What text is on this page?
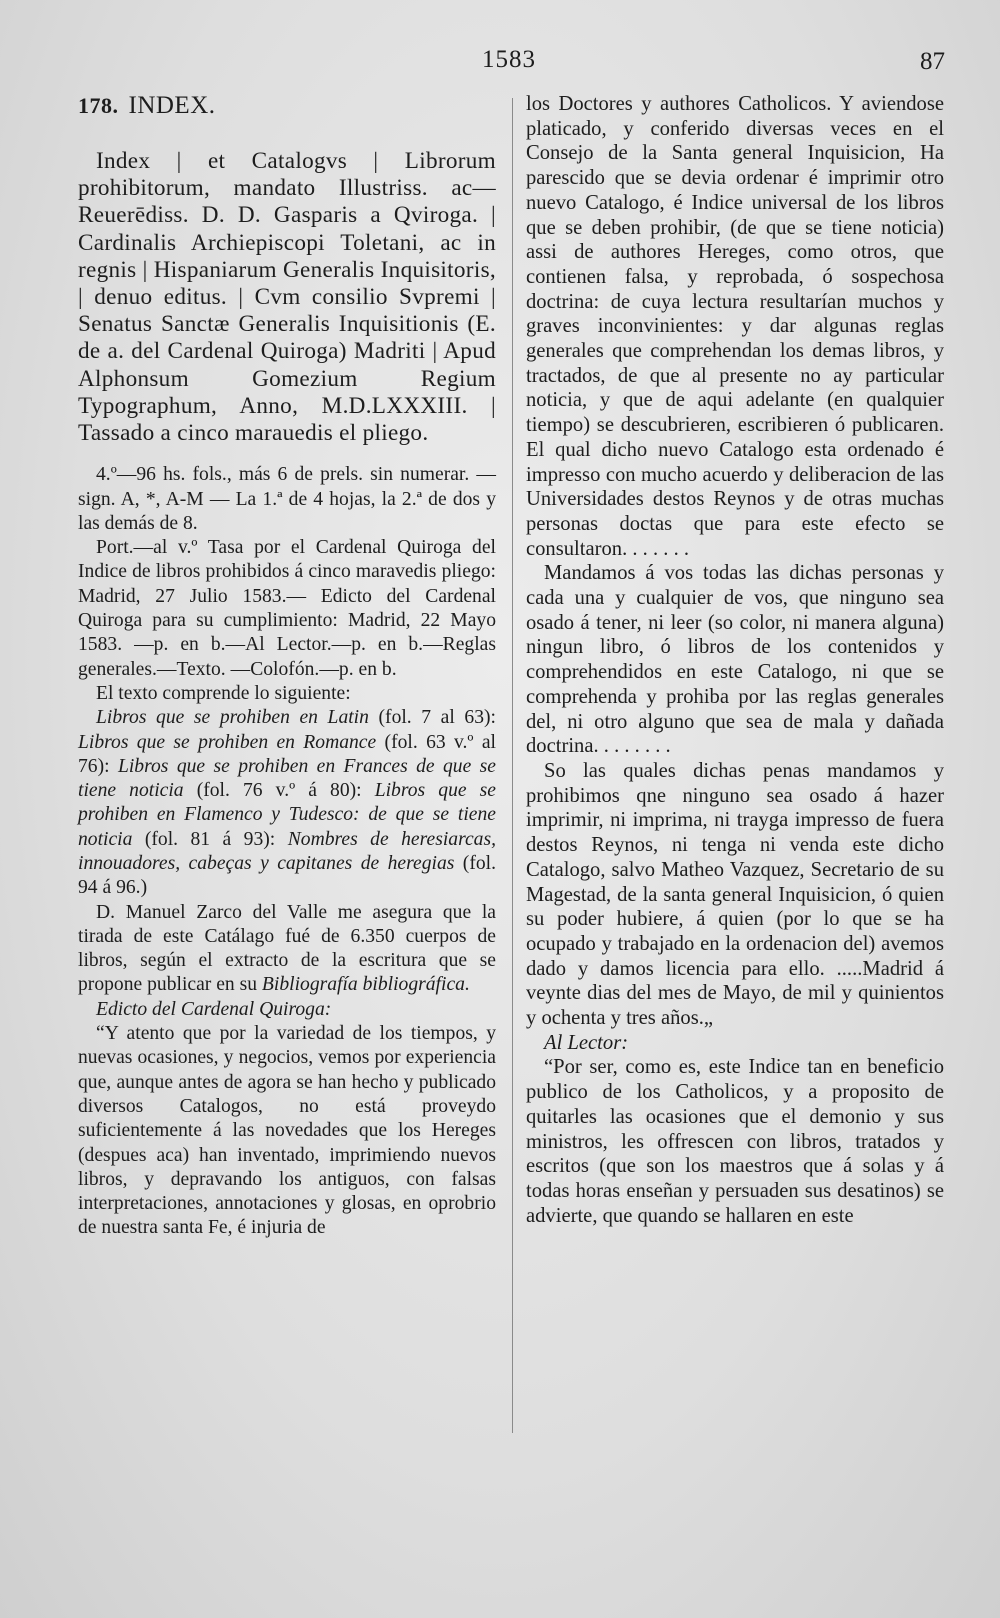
1583	87
178. INDEX.

Index | et Catalogvs | Librorum prohibitorum, mandato Illustriss. ac— Reuerēdiss. D. D. Gasparis a Qviroga. | Cardinalis Archiepiscopi Toletani, ac in regnis | Hispaniarum Generalis Inquisitoris, | denuo editus. | Cvm consilio Svpremi | Senatus Sanctæ Generalis Inquisitionis (E. de a. del Cardenal Quiroga) Madriti | Apud Alphonsum Gomezium Regium Typographum, Anno, M.D.LXXXIII. | Tassado a cinco marauedis el pliego.

4.º—96 hs. fols., más 6 de prels. sin numerar. —sign. A, *, A-M — La 1.ª de 4 hojas, la 2.ª de dos y las demás de 8.

Port.—al v.º Tasa por el Cardenal Quiroga del Indice de libros prohibidos á cinco maravedis pliego: Madrid, 27 Julio 1583.— Edicto del Cardenal Quiroga para su cumplimiento: Madrid, 22 Mayo 1583. —p. en b.—Al Lector.—p. en b.—Reglas generales.—Texto. —Colofón.—p. en b.

El texto comprende lo siguiente:

Libros que se prohiben en Latin (fol. 7 al 63): Libros que se prohiben en Romance (fol. 63 v.º al 76): Libros que se prohiben en Frances de que se tiene noticia (fol. 76 v.º á 80): Libros que se prohiben en Flamenco y Tudesco: de que se tiene noticia (fol. 81 á 93): Nombres de heresiarcas, innouadores, cabeças y capitanes de heregias (fol. 94 á 96.)

D. Manuel Zarco del Valle me asegura que la tirada de este Catálago fué de 6.350 cuerpos de libros, según el extracto de la escritura que se propone publicar en su Bibliografía bibliográfica.

Edicto del Cardenal Quiroga:

“Y atento que por la variedad de los tiempos, y nuevas ocasiones, y negocios, vemos por experiencia que, aunque antes de agora se han hecho y publicado diversos Catalogos, no está proveydo suficientemente á las novedades que los Hereges (despues aca) han inventado, imprimiendo nuevos libros, y depravando los antiguos, con falsas interpretaciones, annotaciones y glosas, en oprobrio de nuestra santa Fe, é injuria de

los Doctores y authores Catholicos. Y aviendose platicado, y conferido diversas veces en el Consejo de la Santa general Inquisicion, Ha parescido que se devia ordenar é imprimir otro nuevo Catalogo, é Indice universal de los libros que se deben prohibir, (de que se tiene noticia) assi de authores Hereges, como otros, que contienen falsa, y reprobada, ó sospechosa doctrina: de cuya lectura resultarían muchos y graves inconvinientes: y dar algunas reglas generales que comprehendan los demas libros, y tractados, de que al presente no ay particular noticia, y que de aqui adelante (en qualquier tiempo) se descubrieren, escribieren ó publicaren. El qual dicho nuevo Catalogo esta ordenado é impresso con mucho acuerdo y deliberacion de las Universidades destos Reynos y de otras muchas personas doctas que para este efecto se consultaron. . . . . . .

Mandamos á vos todas las dichas personas y cada una y cualquier de vos, que ninguno sea osado á tener, ni leer (so color, ni manera alguna) ningun libro, ó libros de los contenidos y comprehendidos en este Catalogo, ni que se comprehenda y prohiba por las reglas generales del, ni otro alguno que sea de mala y dañada doctrina. . . . . . . .

So las quales dichas penas mandamos y prohibimos qne ninguno sea osado á hazer imprimir, ni imprima, ni trayga impresso de fuera destos Reynos, ni tenga ni venda este dicho Catalogo, salvo Matheo Vazquez, Secretario de su Magestad, de la santa general Inquisicion, ó quien su poder hubiere, á quien (por lo que se ha ocupado y trabajado en la ordenacion del) avemos dado y damos licencia para ello. .....Madrid á veynte dias del mes de Mayo, de mil y quinientos y ochenta y tres años.„

Al Lector:

“Por ser, como es, este Indice tan en beneficio publico de los Catholicos, y a proposito de quitarles las ocasiones que el demonio y sus ministros, les offrescen con libros, tratados y escritos (que son los maestros que á solas y á todas horas enseñan y persuaden sus desatinos) se advierte, que quando se hallaren en este
